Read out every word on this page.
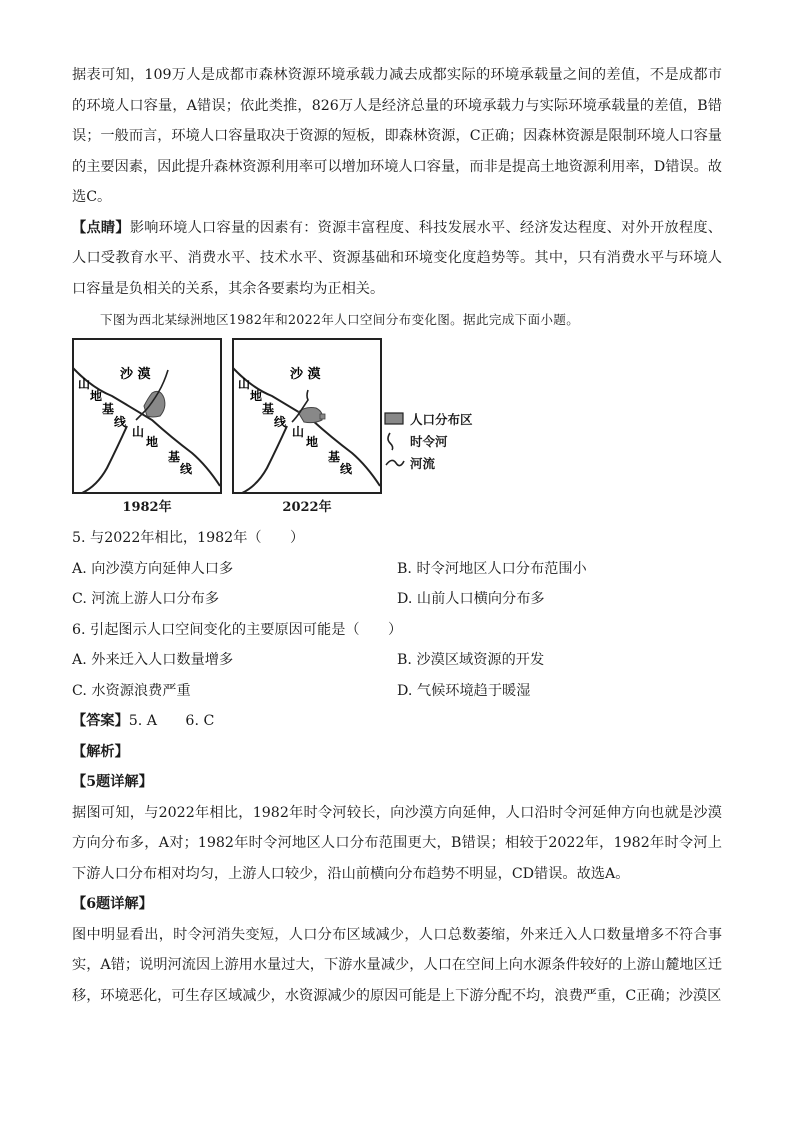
据表可知，109万人是成都市森林资源环境承载力减去成都实际的环境承载量之间的差值，不是成都市的环境人口容量，A错误；依此类推，826万人是经济总量的环境承载力与实际环境承载量的差值，B错误；一般而言，环境人口容量取决于资源的短板，即森林资源，C正确；因森林资源是限制环境人口容量的主要因素，因此提升森林资源利用率可以增加环境人口容量，而非是提高土地资源利用率，D错误。故选C。

【点睛】影响环境人口容量的因素有：资源丰富程度、科技发展水平、经济发达程度、对外开放程度、人口受教育水平、消费水平、技术水平、资源基础和环境变化度趋势等。其中，只有消费水平与环境人口容量是负相关的关系，其余各要素均为正相关。

下图为西北某绿洲地区1982年和2022年人口空间分布变化图。据此完成下面小题。

沙 漠
山
地
基
线
山
地
基
线
1982年
沙 漠
山
地
基
线
山
地
基
线
2022年
人口分布区
时令河
河流

5. 与2022年相比，1982年（　　）

A. 向沙漠方向延伸人口多	B. 时令河地区人口分布范围小
C. 河流上游人口分布多	D. 山前人口横向分布多

6. 引起图示人口空间变化的主要原因可能是（　　）

A. 外来迁入人口数量增多	B. 沙漠区域资源的开发
C. 水资源浪费严重	D. 气候环境趋于暖湿

【答案】5. A　　6. C

【解析】

【5题详解】

据图可知，与2022年相比，1982年时令河较长，向沙漠方向延伸，人口沿时令河延伸方向也就是沙漠方向分布多，A对；1982年时令河地区人口分布范围更大，B错误；相较于2022年，1982年时令河上下游人口分布相对均匀，上游人口较少，沿山前横向分布趋势不明显，CD错误。故选A。

【6题详解】

图中明显看出，时令河消失变短，人口分布区域减少，人口总数萎缩，外来迁入人口数量增多不符合事实，A错；说明河流因上游用水量过大，下游水量减少，人口在空间上向水源条件较好的上游山麓地区迁移，环境恶化，可生存区域减少，水资源减少的原因可能是上下游分配不均，浪费严重，C正确；沙漠区
